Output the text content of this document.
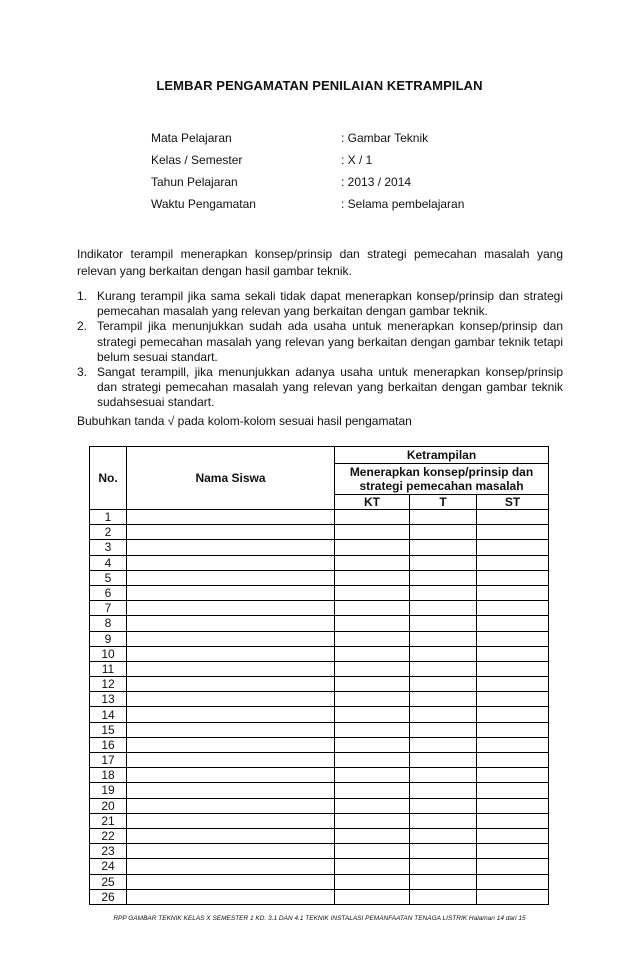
LEMBAR PENGAMATAN PENILAIAN KETRAMPILAN
Mata Pelajaran	: Gambar Teknik
Kelas / Semester	: X / 1
Tahun Pelajaran	: 2013 / 2014
Waktu Pengamatan	: Selama pembelajaran
Indikator terampil menerapkan konsep/prinsip dan strategi pemecahan masalah yang relevan yang berkaitan dengan hasil gambar teknik.
1. Kurang terampil jika sama sekali tidak dapat menerapkan konsep/prinsip dan strategi pemecahan masalah yang relevan yang berkaitan dengan gambar teknik.
2. Terampil jika menunjukkan sudah ada usaha untuk menerapkan konsep/prinsip dan strategi pemecahan masalah yang relevan yang berkaitan dengan gambar teknik tetapi belum sesuai standart.
3. Sangat terampill, jika menunjukkan adanya usaha untuk menerapkan konsep/prinsip dan strategi pemecahan masalah yang relevan yang berkaitan dengan gambar teknik sudahsesuai standart.
Bubuhkan tanda √ pada kolom-kolom sesuai hasil pengamatan
No.	Nama Siswa	Ketrampilan		
		Menerapkan konsep/prinsip dan strategi pemecahan masalah		
		KT	T	ST
1				
2				
3				
4				
5				
6				
7				
8				
9				
10				
11				
12				
13				
14				
15				
16				
17				
18				
19				
20				
21				
22				
23				
24				
25				
26				
RPP GAMBAR TEKNIK KELAS X SEMESTER 1 KD. 3.1 DAN 4.1 TEKNIK INSTALASI PEMANFAATAN TENAGA LISTRIK Halaman 14 dari 15
